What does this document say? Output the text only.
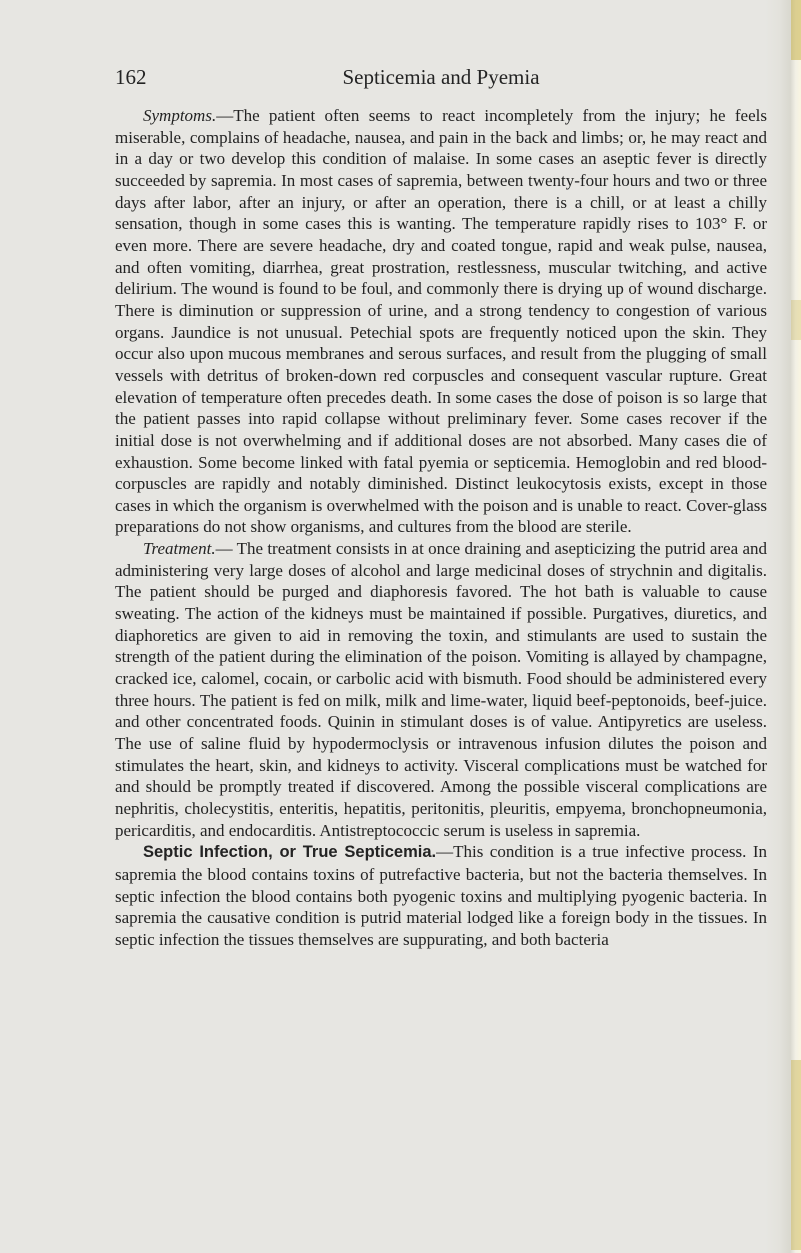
162	Septicemia and Pyemia

Symptoms.—The patient often seems to react incompletely from the injury; he feels miserable, complains of headache, nausea, and pain in the back and limbs; or, he may react and in a day or two develop this condition of malaise. In some cases an aseptic fever is directly succeeded by sapremia. In most cases of sapremia, between twenty-four hours and two or three days after labor, after an injury, or after an operation, there is a chill, or at least a chilly sensation, though in some cases this is wanting. The temperature rapidly rises to 103° F. or even more. There are severe headache, dry and coated tongue, rapid and weak pulse, nausea, and often vomiting, diarrhea, great prostration, restlessness, muscular twitching, and active delirium. The wound is found to be foul, and commonly there is drying up of wound discharge. There is diminution or suppression of urine, and a strong tendency to congestion of various organs. Jaundice is not unusual. Petechial spots are frequently noticed upon the skin. They occur also upon mucous membranes and serous surfaces, and result from the plugging of small vessels with detritus of broken-down red corpuscles and consequent vascular rupture. Great elevation of temperature often precedes death. In some cases the dose of poison is so large that the patient passes into rapid collapse without preliminary fever. Some cases recover if the initial dose is not overwhelming and if additional doses are not absorbed. Many cases die of exhaustion. Some become linked with fatal pyemia or septicemia. Hemoglobin and red blood-corpuscles are rapidly and notably diminished. Distinct leukocytosis exists, except in those cases in which the organism is overwhelmed with the poison and is unable to react. Cover-glass preparations do not show organisms, and cultures from the blood are sterile.

Treatment.— The treatment consists in at once draining and asepticizing the putrid area and administering very large doses of alcohol and large medicinal doses of strychnin and digitalis. The patient should be purged and diaphoresis favored. The hot bath is valuable to cause sweating. The action of the kidneys must be maintained if possible. Purgatives, diuretics, and diaphoretics are given to aid in removing the toxin, and stimulants are used to sustain the strength of the patient during the elimination of the poison. Vomiting is allayed by champagne, cracked ice, calomel, cocain, or carbolic acid with bismuth. Food should be administered every three hours. The patient is fed on milk, milk and lime-water, liquid beef-peptonoids, beef-juice. and other concentrated foods. Quinin in stimulant doses is of value. Antipyretics are useless. The use of saline fluid by hypodermoclysis or intravenous infusion dilutes the poison and stimulates the heart, skin, and kidneys to activity. Visceral complications must be watched for and should be promptly treated if discovered. Among the possible visceral complications are nephritis, cholecystitis, enteritis, hepatitis, peritonitis, pleuritis, empyema, bronchopneumonia, pericarditis, and endocarditis. Antistreptococcic serum is useless in sapremia.

Septic Infection, or True Septicemia.—This condition is a true infective process. In sapremia the blood contains toxins of putrefactive bacteria, but not the bacteria themselves. In septic infection the blood contains both pyogenic toxins and multiplying pyogenic bacteria. In sapremia the causative condition is putrid material lodged like a foreign body in the tissues. In septic infection the tissues themselves are suppurating, and both bacteria
